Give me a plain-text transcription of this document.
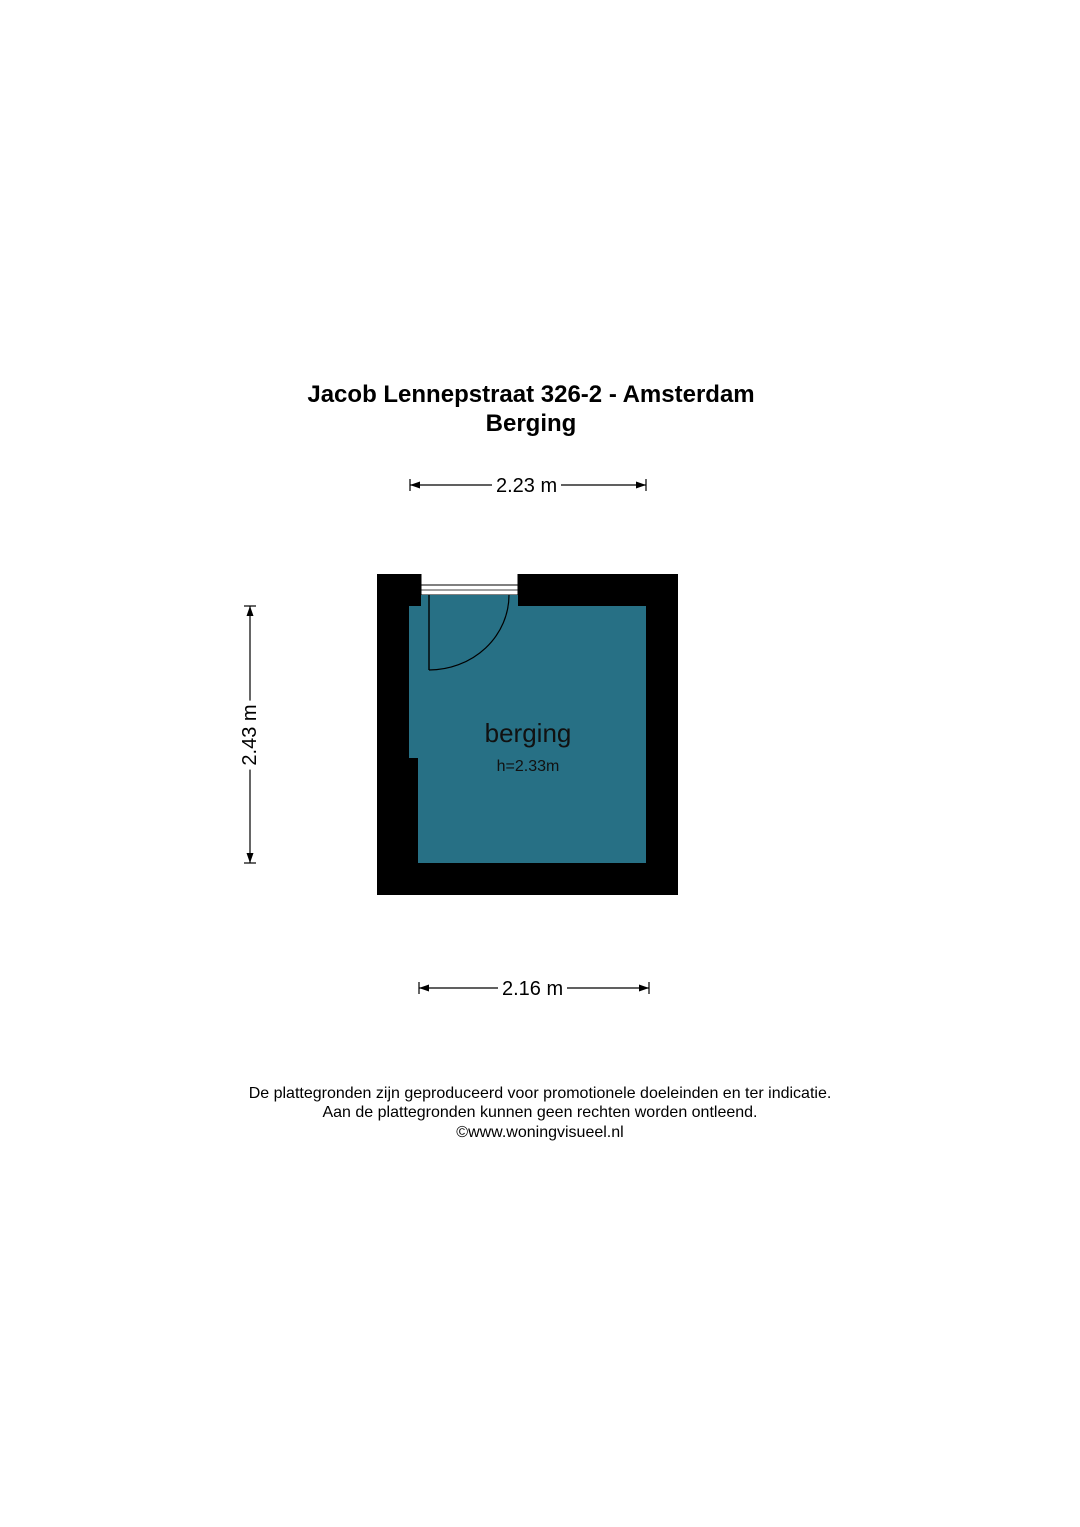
Jacob Lennepstraat 326-2 - Amsterdam
Berging
2.23 m
2.43 m
2.16 m
berging
h=2.33m
De plattegronden zijn geproduceerd voor promotionele doeleinden en ter indicatie.
Aan de plattegronden kunnen geen rechten worden ontleend.
©www.woningvisueel.nl
